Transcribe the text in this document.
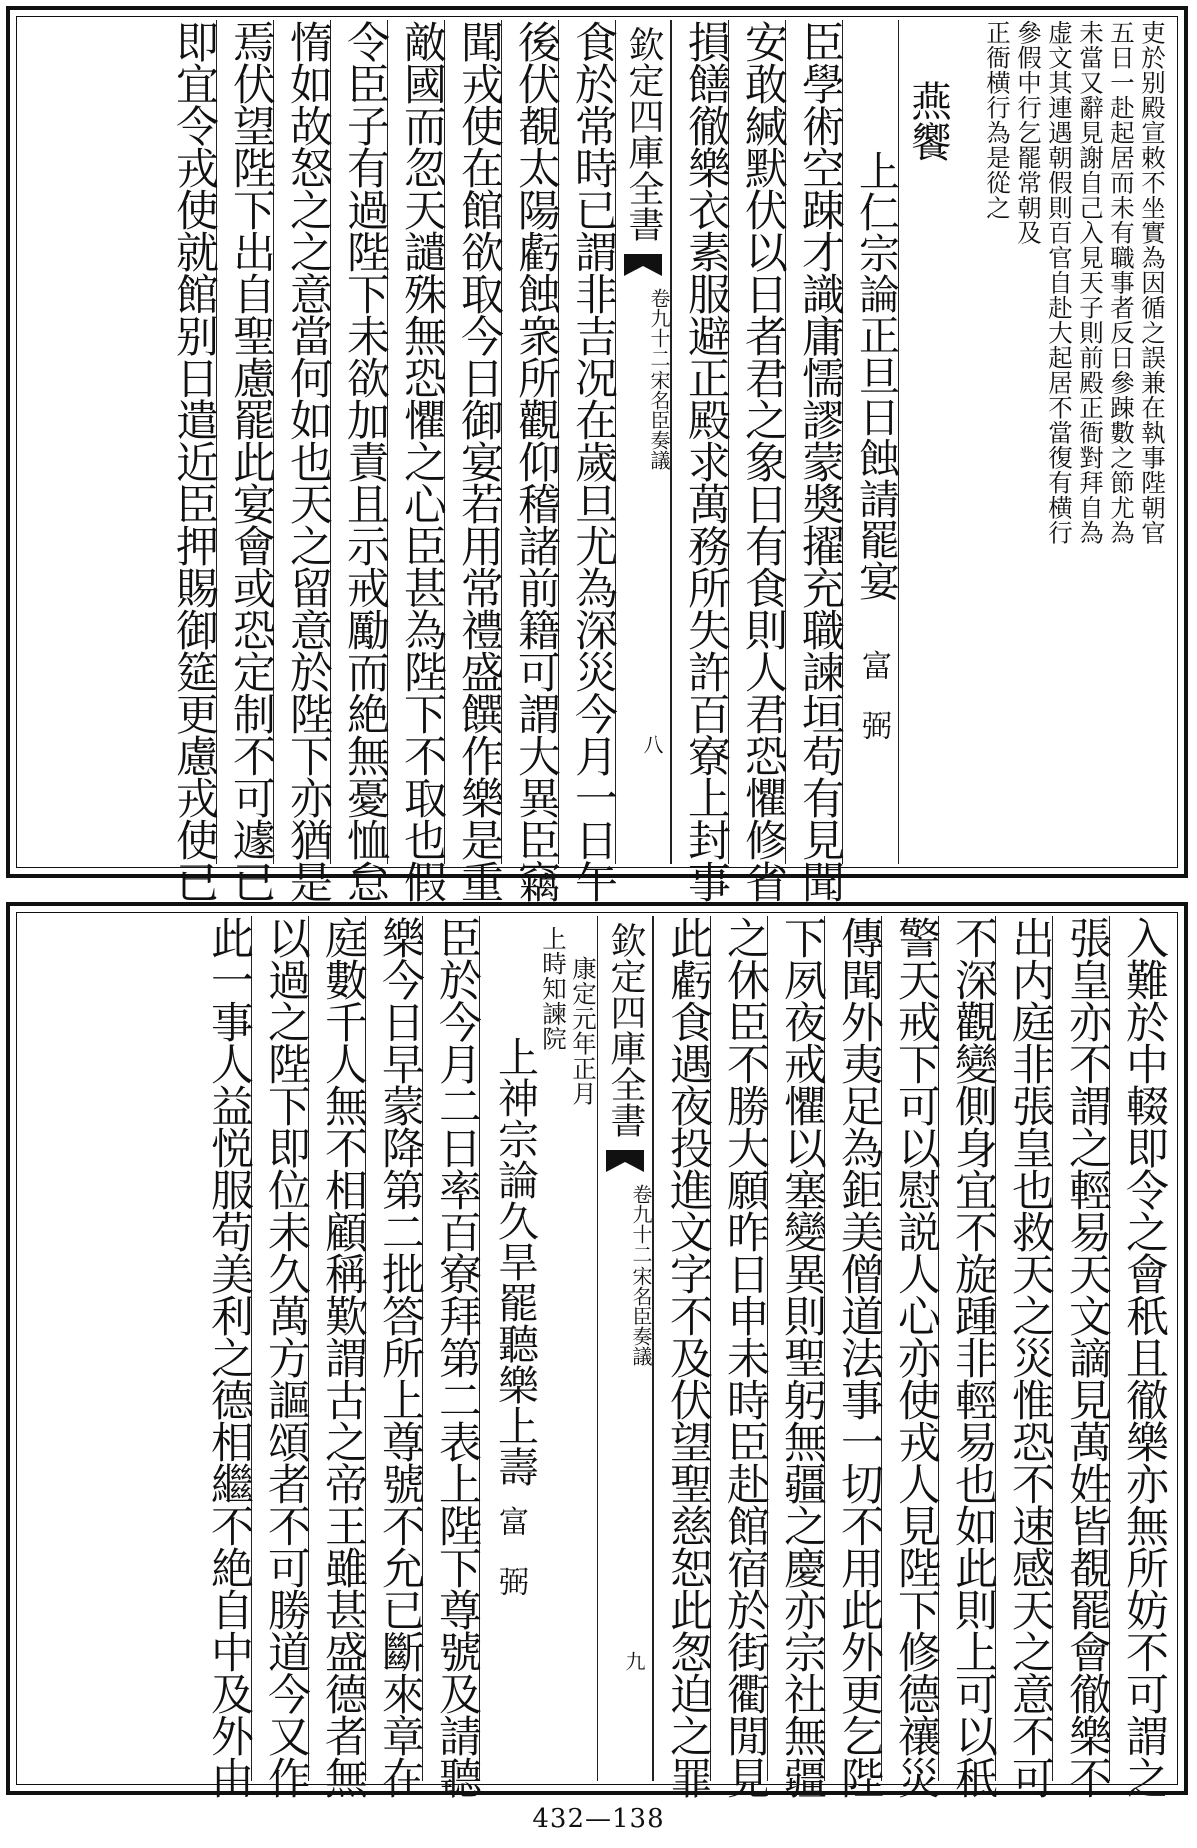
吏於别殿宣敕不坐實為因循之誤兼在執事陛朝官
五日一赴起居而未有職事者反日參踈數之節尤為
未當又辭見謝自己入見天子則前殿正衙對拜自為
虚文其連遇朝假則百官自赴大起居不當復有横行
參假中行乞罷常朝及
正衙横行為是從之
燕饗
上仁宗論正旦日蝕請罷宴
富　弼
臣學術空踈才識庸懦謬蒙奬擢充職諫垣苟有見聞
安敢緘默伏以日者君之象日有食則人君恐懼修省
損饍徹樂衣素服避正殿求萬務所失許百寮上封事
欽定四庫全書
宋名臣奏議
卷九十二
八
食於常時已謂非吉况在歲旦尤為深災今月一日午
後伏覩太陽虧蝕衆所觀仰稽諸前籍可謂大異臣竊
聞戎使在館欲取今日御宴若用常禮盛饌作樂是重
敵國而忽天譴殊無恐懼之心臣甚為陛下不取也假
令臣子有過陛下未欲加責且示戒勵而絶無憂恤怠
惰如故怒之之意當何如也天之留意於陛下亦猶是
焉伏望陛下出自聖慮罷此宴會或恐定制不可遽已
即宜令戎使就館别日遣近臣押賜御筵更慮戎使已
入難於中輟即令之會秖且徹樂亦無所妨不可謂之
張皇亦不謂之輕易天文謫見萬姓皆覩罷會徹樂不
出内庭非張皇也救天之災惟恐不速感天之意不可
不深觀變側身宜不旋踵非輕易也如此則上可以秖
警天戒下可以慰説人心亦使戎人見陛下修德禳災
傳聞外夷足為鉅美僧道法事一切不用此外更乞陛
下夙夜戒懼以塞變異則聖躬無疆之慶亦宗社無疆
之休臣不勝大願昨日申未時臣赴館宿於街衢閒見
此虧食遇夜投進文字不及伏望聖慈恕此怱迫之罪
欽定四庫全書
宋名臣奏議
卷九十二
九
康定元年正月
上時知諫院
上神宗論久旱罷聽樂上壽
富　弼
臣於今月二日率百寮拜第二表上陛下尊號及請聽
樂今日早蒙降第二批答所上尊號不允已斷來章在
庭數千人無不相顧稱歎謂古之帝王雖甚盛德者無
以過之陛下即位未久萬方謳頌者不可勝道今又作
此一事人益悦服苟美利之德相繼不絶自中及外由
432—138
